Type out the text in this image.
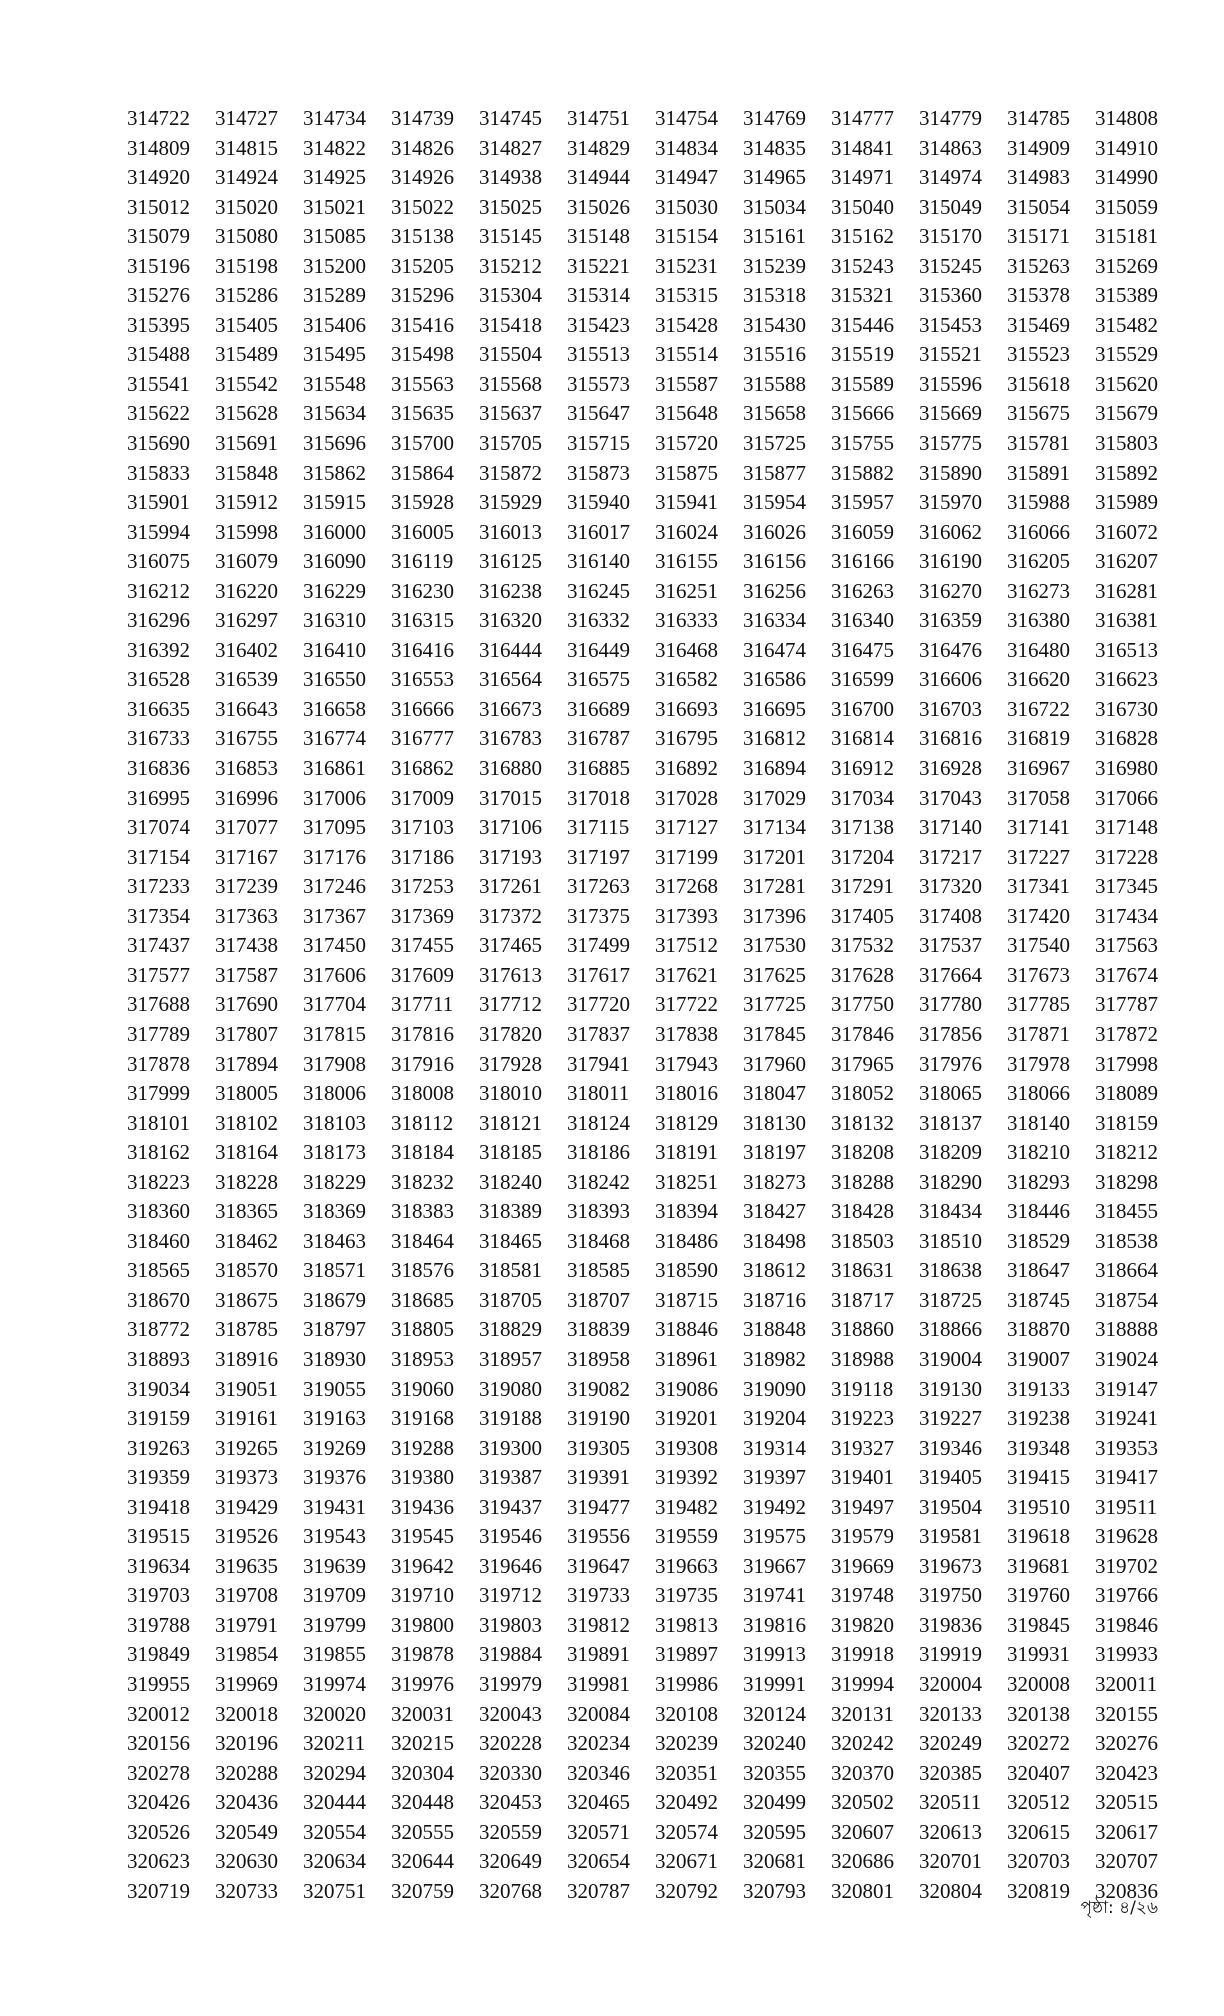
314722	314727	314734	314739	314745	314751	314754	314769	314777	314779	314785	314808
314809	314815	314822	314826	314827	314829	314834	314835	314841	314863	314909	314910
314920	314924	314925	314926	314938	314944	314947	314965	314971	314974	314983	314990
315012	315020	315021	315022	315025	315026	315030	315034	315040	315049	315054	315059
315079	315080	315085	315138	315145	315148	315154	315161	315162	315170	315171	315181
315196	315198	315200	315205	315212	315221	315231	315239	315243	315245	315263	315269
315276	315286	315289	315296	315304	315314	315315	315318	315321	315360	315378	315389
315395	315405	315406	315416	315418	315423	315428	315430	315446	315453	315469	315482
315488	315489	315495	315498	315504	315513	315514	315516	315519	315521	315523	315529
315541	315542	315548	315563	315568	315573	315587	315588	315589	315596	315618	315620
315622	315628	315634	315635	315637	315647	315648	315658	315666	315669	315675	315679
315690	315691	315696	315700	315705	315715	315720	315725	315755	315775	315781	315803
315833	315848	315862	315864	315872	315873	315875	315877	315882	315890	315891	315892
315901	315912	315915	315928	315929	315940	315941	315954	315957	315970	315988	315989
315994	315998	316000	316005	316013	316017	316024	316026	316059	316062	316066	316072
316075	316079	316090	316119	316125	316140	316155	316156	316166	316190	316205	316207
316212	316220	316229	316230	316238	316245	316251	316256	316263	316270	316273	316281
316296	316297	316310	316315	316320	316332	316333	316334	316340	316359	316380	316381
316392	316402	316410	316416	316444	316449	316468	316474	316475	316476	316480	316513
316528	316539	316550	316553	316564	316575	316582	316586	316599	316606	316620	316623
316635	316643	316658	316666	316673	316689	316693	316695	316700	316703	316722	316730
316733	316755	316774	316777	316783	316787	316795	316812	316814	316816	316819	316828
316836	316853	316861	316862	316880	316885	316892	316894	316912	316928	316967	316980
316995	316996	317006	317009	317015	317018	317028	317029	317034	317043	317058	317066
317074	317077	317095	317103	317106	317115	317127	317134	317138	317140	317141	317148
317154	317167	317176	317186	317193	317197	317199	317201	317204	317217	317227	317228
317233	317239	317246	317253	317261	317263	317268	317281	317291	317320	317341	317345
317354	317363	317367	317369	317372	317375	317393	317396	317405	317408	317420	317434
317437	317438	317450	317455	317465	317499	317512	317530	317532	317537	317540	317563
317577	317587	317606	317609	317613	317617	317621	317625	317628	317664	317673	317674
317688	317690	317704	317711	317712	317720	317722	317725	317750	317780	317785	317787
317789	317807	317815	317816	317820	317837	317838	317845	317846	317856	317871	317872
317878	317894	317908	317916	317928	317941	317943	317960	317965	317976	317978	317998
317999	318005	318006	318008	318010	318011	318016	318047	318052	318065	318066	318089
318101	318102	318103	318112	318121	318124	318129	318130	318132	318137	318140	318159
318162	318164	318173	318184	318185	318186	318191	318197	318208	318209	318210	318212
318223	318228	318229	318232	318240	318242	318251	318273	318288	318290	318293	318298
318360	318365	318369	318383	318389	318393	318394	318427	318428	318434	318446	318455
318460	318462	318463	318464	318465	318468	318486	318498	318503	318510	318529	318538
318565	318570	318571	318576	318581	318585	318590	318612	318631	318638	318647	318664
318670	318675	318679	318685	318705	318707	318715	318716	318717	318725	318745	318754
318772	318785	318797	318805	318829	318839	318846	318848	318860	318866	318870	318888
318893	318916	318930	318953	318957	318958	318961	318982	318988	319004	319007	319024
319034	319051	319055	319060	319080	319082	319086	319090	319118	319130	319133	319147
319159	319161	319163	319168	319188	319190	319201	319204	319223	319227	319238	319241
319263	319265	319269	319288	319300	319305	319308	319314	319327	319346	319348	319353
319359	319373	319376	319380	319387	319391	319392	319397	319401	319405	319415	319417
319418	319429	319431	319436	319437	319477	319482	319492	319497	319504	319510	319511
319515	319526	319543	319545	319546	319556	319559	319575	319579	319581	319618	319628
319634	319635	319639	319642	319646	319647	319663	319667	319669	319673	319681	319702
319703	319708	319709	319710	319712	319733	319735	319741	319748	319750	319760	319766
319788	319791	319799	319800	319803	319812	319813	319816	319820	319836	319845	319846
319849	319854	319855	319878	319884	319891	319897	319913	319918	319919	319931	319933
319955	319969	319974	319976	319979	319981	319986	319991	319994	320004	320008	320011
320012	320018	320020	320031	320043	320084	320108	320124	320131	320133	320138	320155
320156	320196	320211	320215	320228	320234	320239	320240	320242	320249	320272	320276
320278	320288	320294	320304	320330	320346	320351	320355	320370	320385	320407	320423
320426	320436	320444	320448	320453	320465	320492	320499	320502	320511	320512	320515
320526	320549	320554	320555	320559	320571	320574	320595	320607	320613	320615	320617
320623	320630	320634	320644	320649	320654	320671	320681	320686	320701	320703	320707
320719	320733	320751	320759	320768	320787	320792	320793	320801	320804	320819	320836
পৃষ্ঠা: ৪/২৬
